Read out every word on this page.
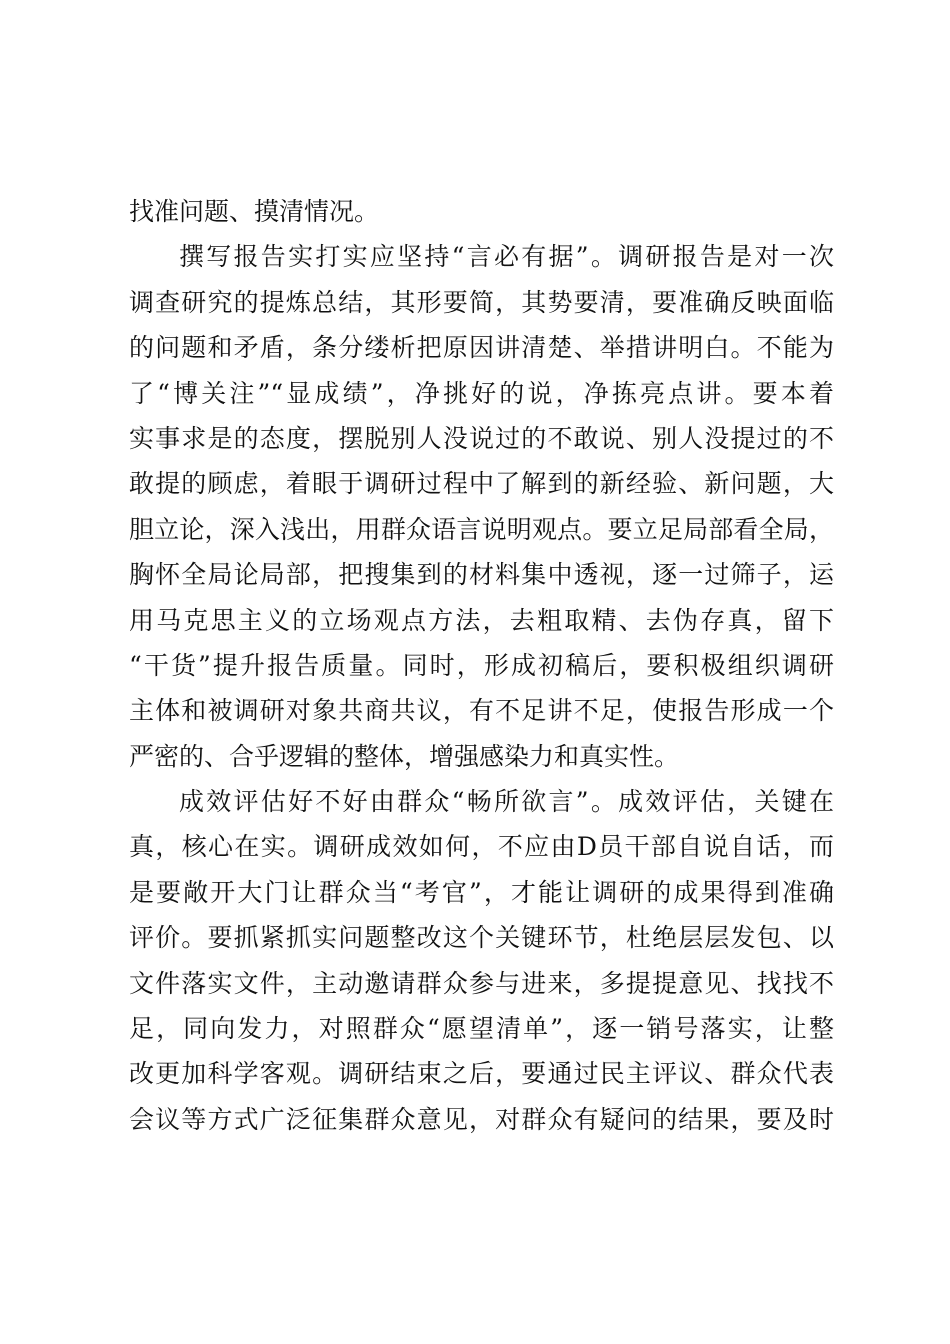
找准问题、摸清情况。
撰写报告实打实应坚持“言必有据”。调研报告是对一次
调查研究的提炼总结，其形要简，其势要清，要准确反映面临
的问题和矛盾，条分缕析把原因讲清楚、举措讲明白。不能为
了“博关注”“显成绩”，净挑好的说，净拣亮点讲。要本着
实事求是的态度，摆脱别人没说过的不敢说、别人没提过的不
敢提的顾虑，着眼于调研过程中了解到的新经验、新问题，大
胆立论，深入浅出，用群众语言说明观点。要立足局部看全局，
胸怀全局论局部，把搜集到的材料集中透视，逐一过筛子，运
用马克思主义的立场观点方法，去粗取精、去伪存真，留下
“干货”提升报告质量。同时，形成初稿后，要积极组织调研
主体和被调研对象共商共议，有不足讲不足，使报告形成一个
严密的、合乎逻辑的整体，增强感染力和真实性。
成效评估好不好由群众“畅所欲言”。成效评估，关键在
真，核心在实。调研成效如何，不应由D员干部自说自话，而
是要敞开大门让群众当“考官”，才能让调研的成果得到准确
评价。要抓紧抓实问题整改这个关键环节，杜绝层层发包、以
文件落实文件，主动邀请群众参与进来，多提提意见、找找不
足，同向发力，对照群众“愿望清单”，逐一销号落实，让整
改更加科学客观。调研结束之后，要通过民主评议、群众代表
会议等方式广泛征集群众意见，对群众有疑问的结果，要及时
